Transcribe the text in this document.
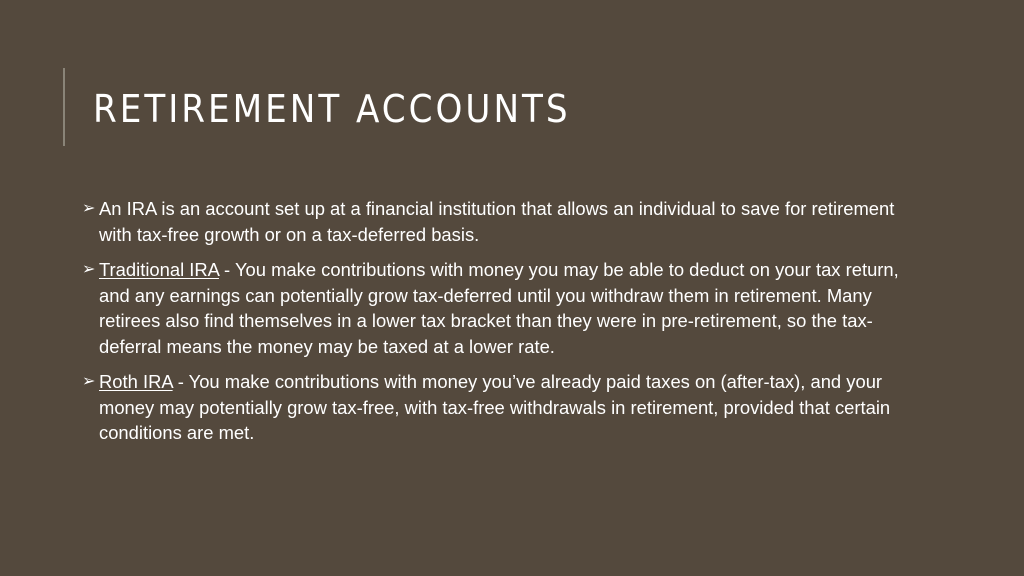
RETIREMENT ACCOUNTS

➢ An IRA is an account set up at a financial institution that allows an individual to save for retirement with tax-free growth or on a tax-deferred basis.

➢ Traditional IRA - You make contributions with money you may be able to deduct on your tax return, and any earnings can potentially grow tax-deferred until you withdraw them in retirement. Many retirees also find themselves in a lower tax bracket than they were in pre-retirement, so the tax-deferral means the money may be taxed at a lower rate.

➢ Roth IRA - You make contributions with money you’ve already paid taxes on (after-tax), and your money may potentially grow tax-free, with tax-free withdrawals in retirement, provided that certain conditions are met.
